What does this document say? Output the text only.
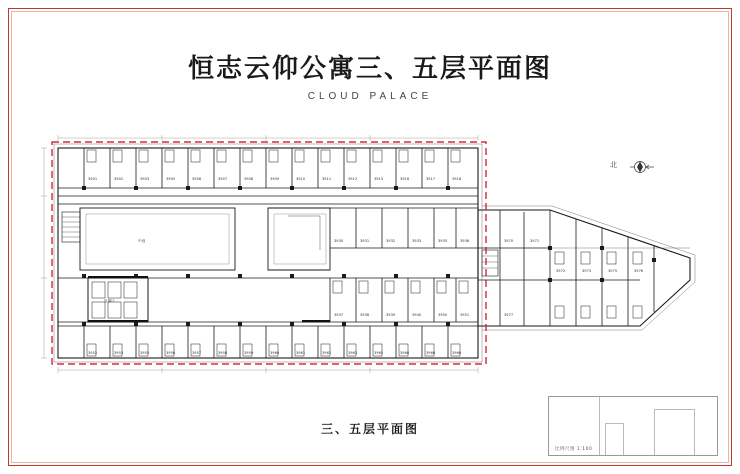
恒志云仰公寓三、五层平面图
CLOUD PALACE
北
3901	3902	3903	3905	3906	3907	3908	3909	3910	3911	3912	3915	3916	3917	3918
3930	3931	3932	3933	3935	3936
3937	3938	3939	3940	3950	3951
3952	3953	3955	3956	3957	3958	3959	3960	3961	3962	3963	3965	3966	3966	3966
3970	3971
3972	3973	3975	3976
3977
中庭
电梯厅
三、五层平面图
比例尺图 1:100
